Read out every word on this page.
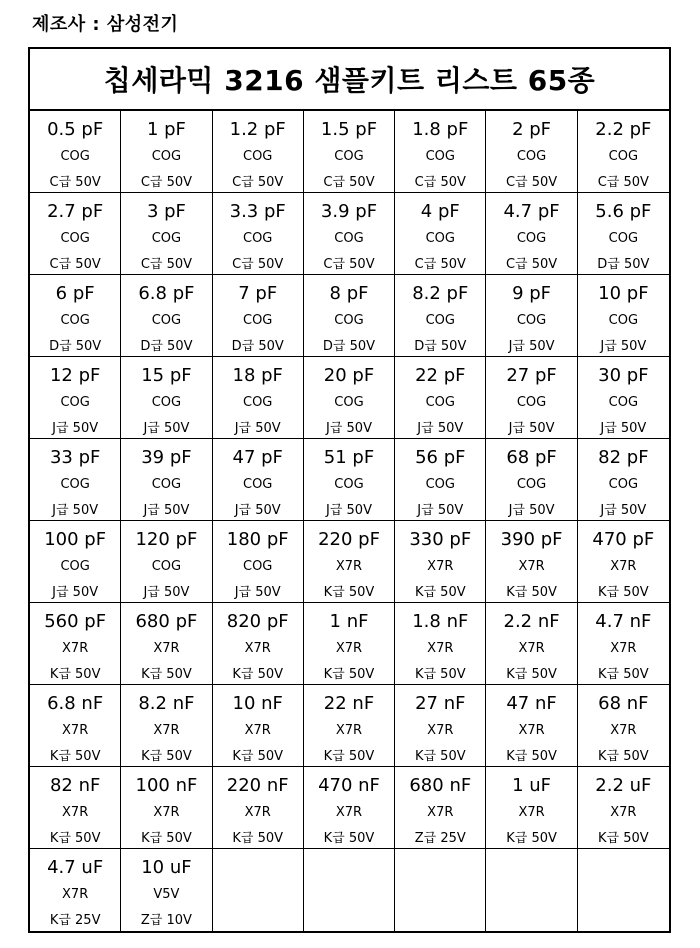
제조사 : 삼성전기
칩세라믹 3216 샘플키트 리스트 65종
0.5 pF
COG
C급 50V
1 pF
COG
C급 50V
1.2 pF
COG
C급 50V
1.5 pF
COG
C급 50V
1.8 pF
COG
C급 50V
2 pF
COG
C급 50V
2.2 pF
COG
C급 50V
2.7 pF
COG
C급 50V
3 pF
COG
C급 50V
3.3 pF
COG
C급 50V
3.9 pF
COG
C급 50V
4 pF
COG
C급 50V
4.7 pF
COG
C급 50V
5.6 pF
COG
D급 50V
6 pF
COG
D급 50V
6.8 pF
COG
D급 50V
7 pF
COG
D급 50V
8 pF
COG
D급 50V
8.2 pF
COG
D급 50V
9 pF
COG
J급 50V
10 pF
COG
J급 50V
12 pF
COG
J급 50V
15 pF
COG
J급 50V
18 pF
COG
J급 50V
20 pF
COG
J급 50V
22 pF
COG
J급 50V
27 pF
COG
J급 50V
30 pF
COG
J급 50V
33 pF
COG
J급 50V
39 pF
COG
J급 50V
47 pF
COG
J급 50V
51 pF
COG
J급 50V
56 pF
COG
J급 50V
68 pF
COG
J급 50V
82 pF
COG
J급 50V
100 pF
COG
J급 50V
120 pF
COG
J급 50V
180 pF
COG
J급 50V
220 pF
X7R
K급 50V
330 pF
X7R
K급 50V
390 pF
X7R
K급 50V
470 pF
X7R
K급 50V
560 pF
X7R
K급 50V
680 pF
X7R
K급 50V
820 pF
X7R
K급 50V
1 nF
X7R
K급 50V
1.8 nF
X7R
K급 50V
2.2 nF
X7R
K급 50V
4.7 nF
X7R
K급 50V
6.8 nF
X7R
K급 50V
8.2 nF
X7R
K급 50V
10 nF
X7R
K급 50V
22 nF
X7R
K급 50V
27 nF
X7R
K급 50V
47 nF
X7R
K급 50V
68 nF
X7R
K급 50V
82 nF
X7R
K급 50V
100 nF
X7R
K급 50V
220 nF
X7R
K급 50V
470 nF
X7R
K급 50V
680 nF
X7R
Z급 25V
1 uF
X7R
K급 50V
2.2 uF
X7R
K급 50V
4.7 uF
X7R
K급 25V
10 uF
V5V
Z급 10V
